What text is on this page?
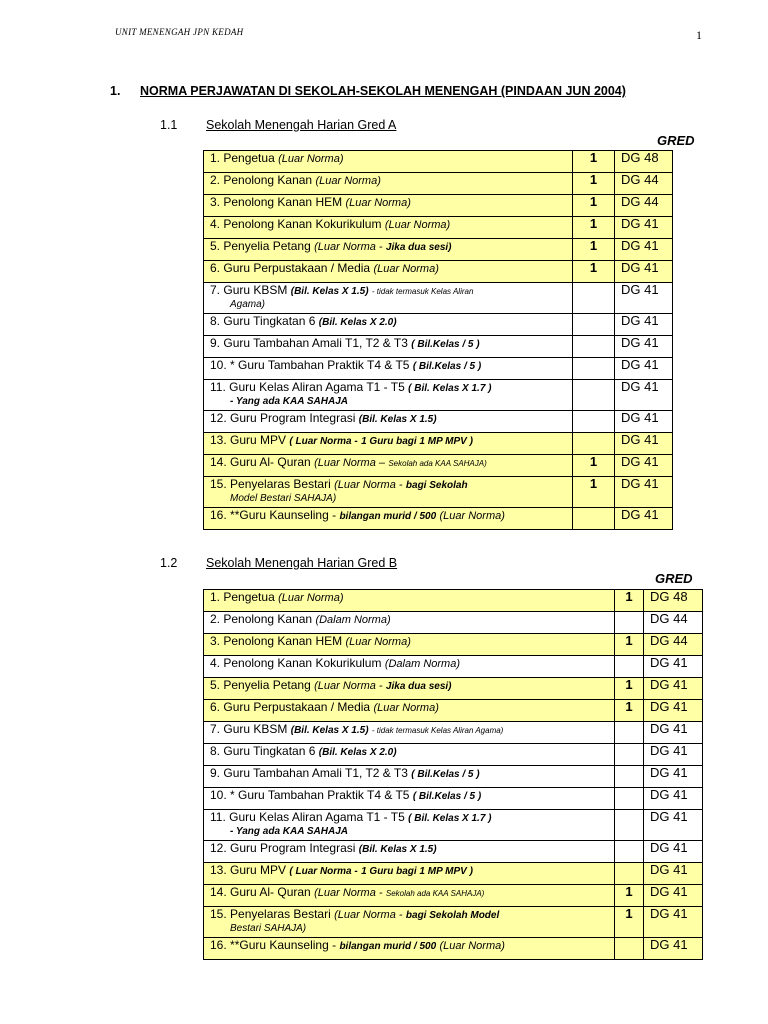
UNIT MENENGAH JPN KEDAH	1
1. NORMA PERJAWATAN DI SEKOLAH-SEKOLAH MENENGAH (PINDAAN JUN 2004)
1.1 Sekolah Menengah Harian Gred A
GRED
1. Pengetua (Luar Norma)	1	DG 48
2. Penolong Kanan (Luar Norma)	1	DG 44
3. Penolong Kanan HEM (Luar Norma)	1	DG 44
4. Penolong Kanan Kokurikulum (Luar Norma)	1	DG 41
5. Penyelia Petang (Luar Norma - Jika dua sesi)	1	DG 41
6. Guru Perpustakaan / Media (Luar Norma)	1	DG 41
7. Guru KBSM (Bil. Kelas X 1.5) - tidak termasuk Kelas Aliran
Agama)		DG 41
8. Guru Tingkatan 6 (Bil. Kelas X 2.0)		DG 41
9. Guru Tambahan Amali T1, T2 & T3 ( Bil.Kelas / 5 )		DG 41
10. * Guru Tambahan Praktik T4 & T5 ( Bil.Kelas / 5 )		DG 41
11. Guru Kelas Aliran Agama T1 - T5 ( Bil. Kelas X 1.7 )
- Yang ada KAA SAHAJA		DG 41
12. Guru Program Integrasi (Bil. Kelas X 1.5)		DG 41
13. Guru MPV ( Luar Norma - 1 Guru bagi 1 MP MPV )		DG 41
14. Guru Al- Quran (Luar Norma – Sekolah ada KAA SAHAJA)	1	DG 41
15. Penyelaras Bestari (Luar Norma - bagi Sekolah
Model Bestari SAHAJA)	1	DG 41
16. **Guru Kaunseling - bilangan murid / 500 (Luar Norma)		DG 41
1.2 Sekolah Menengah Harian Gred B
GRED
1. Pengetua (Luar Norma)	1	DG 48
2. Penolong Kanan (Dalam Norma)		DG 44
3. Penolong Kanan HEM (Luar Norma)	1	DG 44
4. Penolong Kanan Kokurikulum (Dalam Norma)		DG 41
5. Penyelia Petang (Luar Norma - Jika dua sesi)	1	DG 41
6. Guru Perpustakaan / Media (Luar Norma)	1	DG 41
7. Guru KBSM (Bil. Kelas X 1.5) - tidak termasuk Kelas Aliran Agama)		DG 41
8. Guru Tingkatan 6 (Bil. Kelas X 2.0)		DG 41
9. Guru Tambahan Amali T1, T2 & T3 ( Bil.Kelas / 5 )		DG 41
10. * Guru Tambahan Praktik T4 & T5 ( Bil.Kelas / 5 )		DG 41
11. Guru Kelas Aliran Agama T1 - T5 ( Bil. Kelas X 1.7 )
- Yang ada KAA SAHAJA		DG 41
12. Guru Program Integrasi (Bil. Kelas X 1.5)		DG 41
13. Guru MPV ( Luar Norma - 1 Guru bagi 1 MP MPV )		DG 41
14. Guru Al- Quran (Luar Norma - Sekolah ada KAA SAHAJA)	1	DG 41
15. Penyelaras Bestari (Luar Norma - bagi Sekolah Model
Bestari SAHAJA)	1	DG 41
16. **Guru Kaunseling - bilangan murid / 500 (Luar Norma)		DG 41
